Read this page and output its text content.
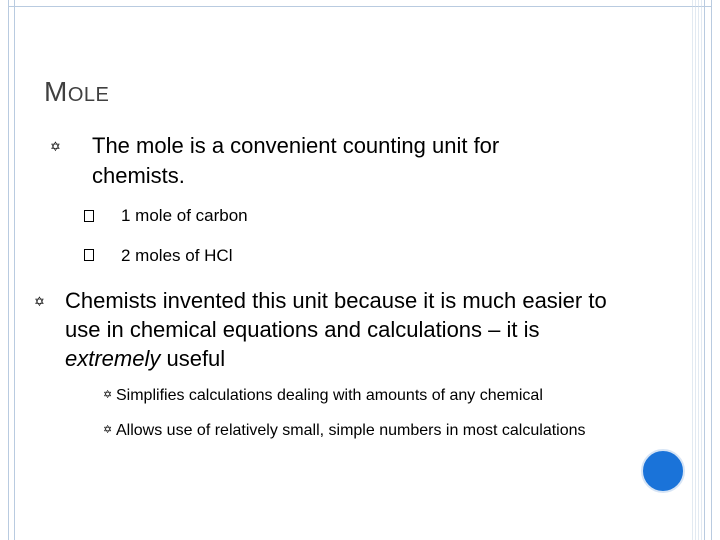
MOLE
✡ The mole is a convenient counting unit for chemists.
1 mole of carbon
2 moles of HCl
✡ Chemists invented this unit because it is much easier to use in chemical equations and calculations – it is extremely useful
✡ Simplifies calculations dealing with amounts of any chemical
✡ Allows use of relatively small, simple numbers in most calculations
